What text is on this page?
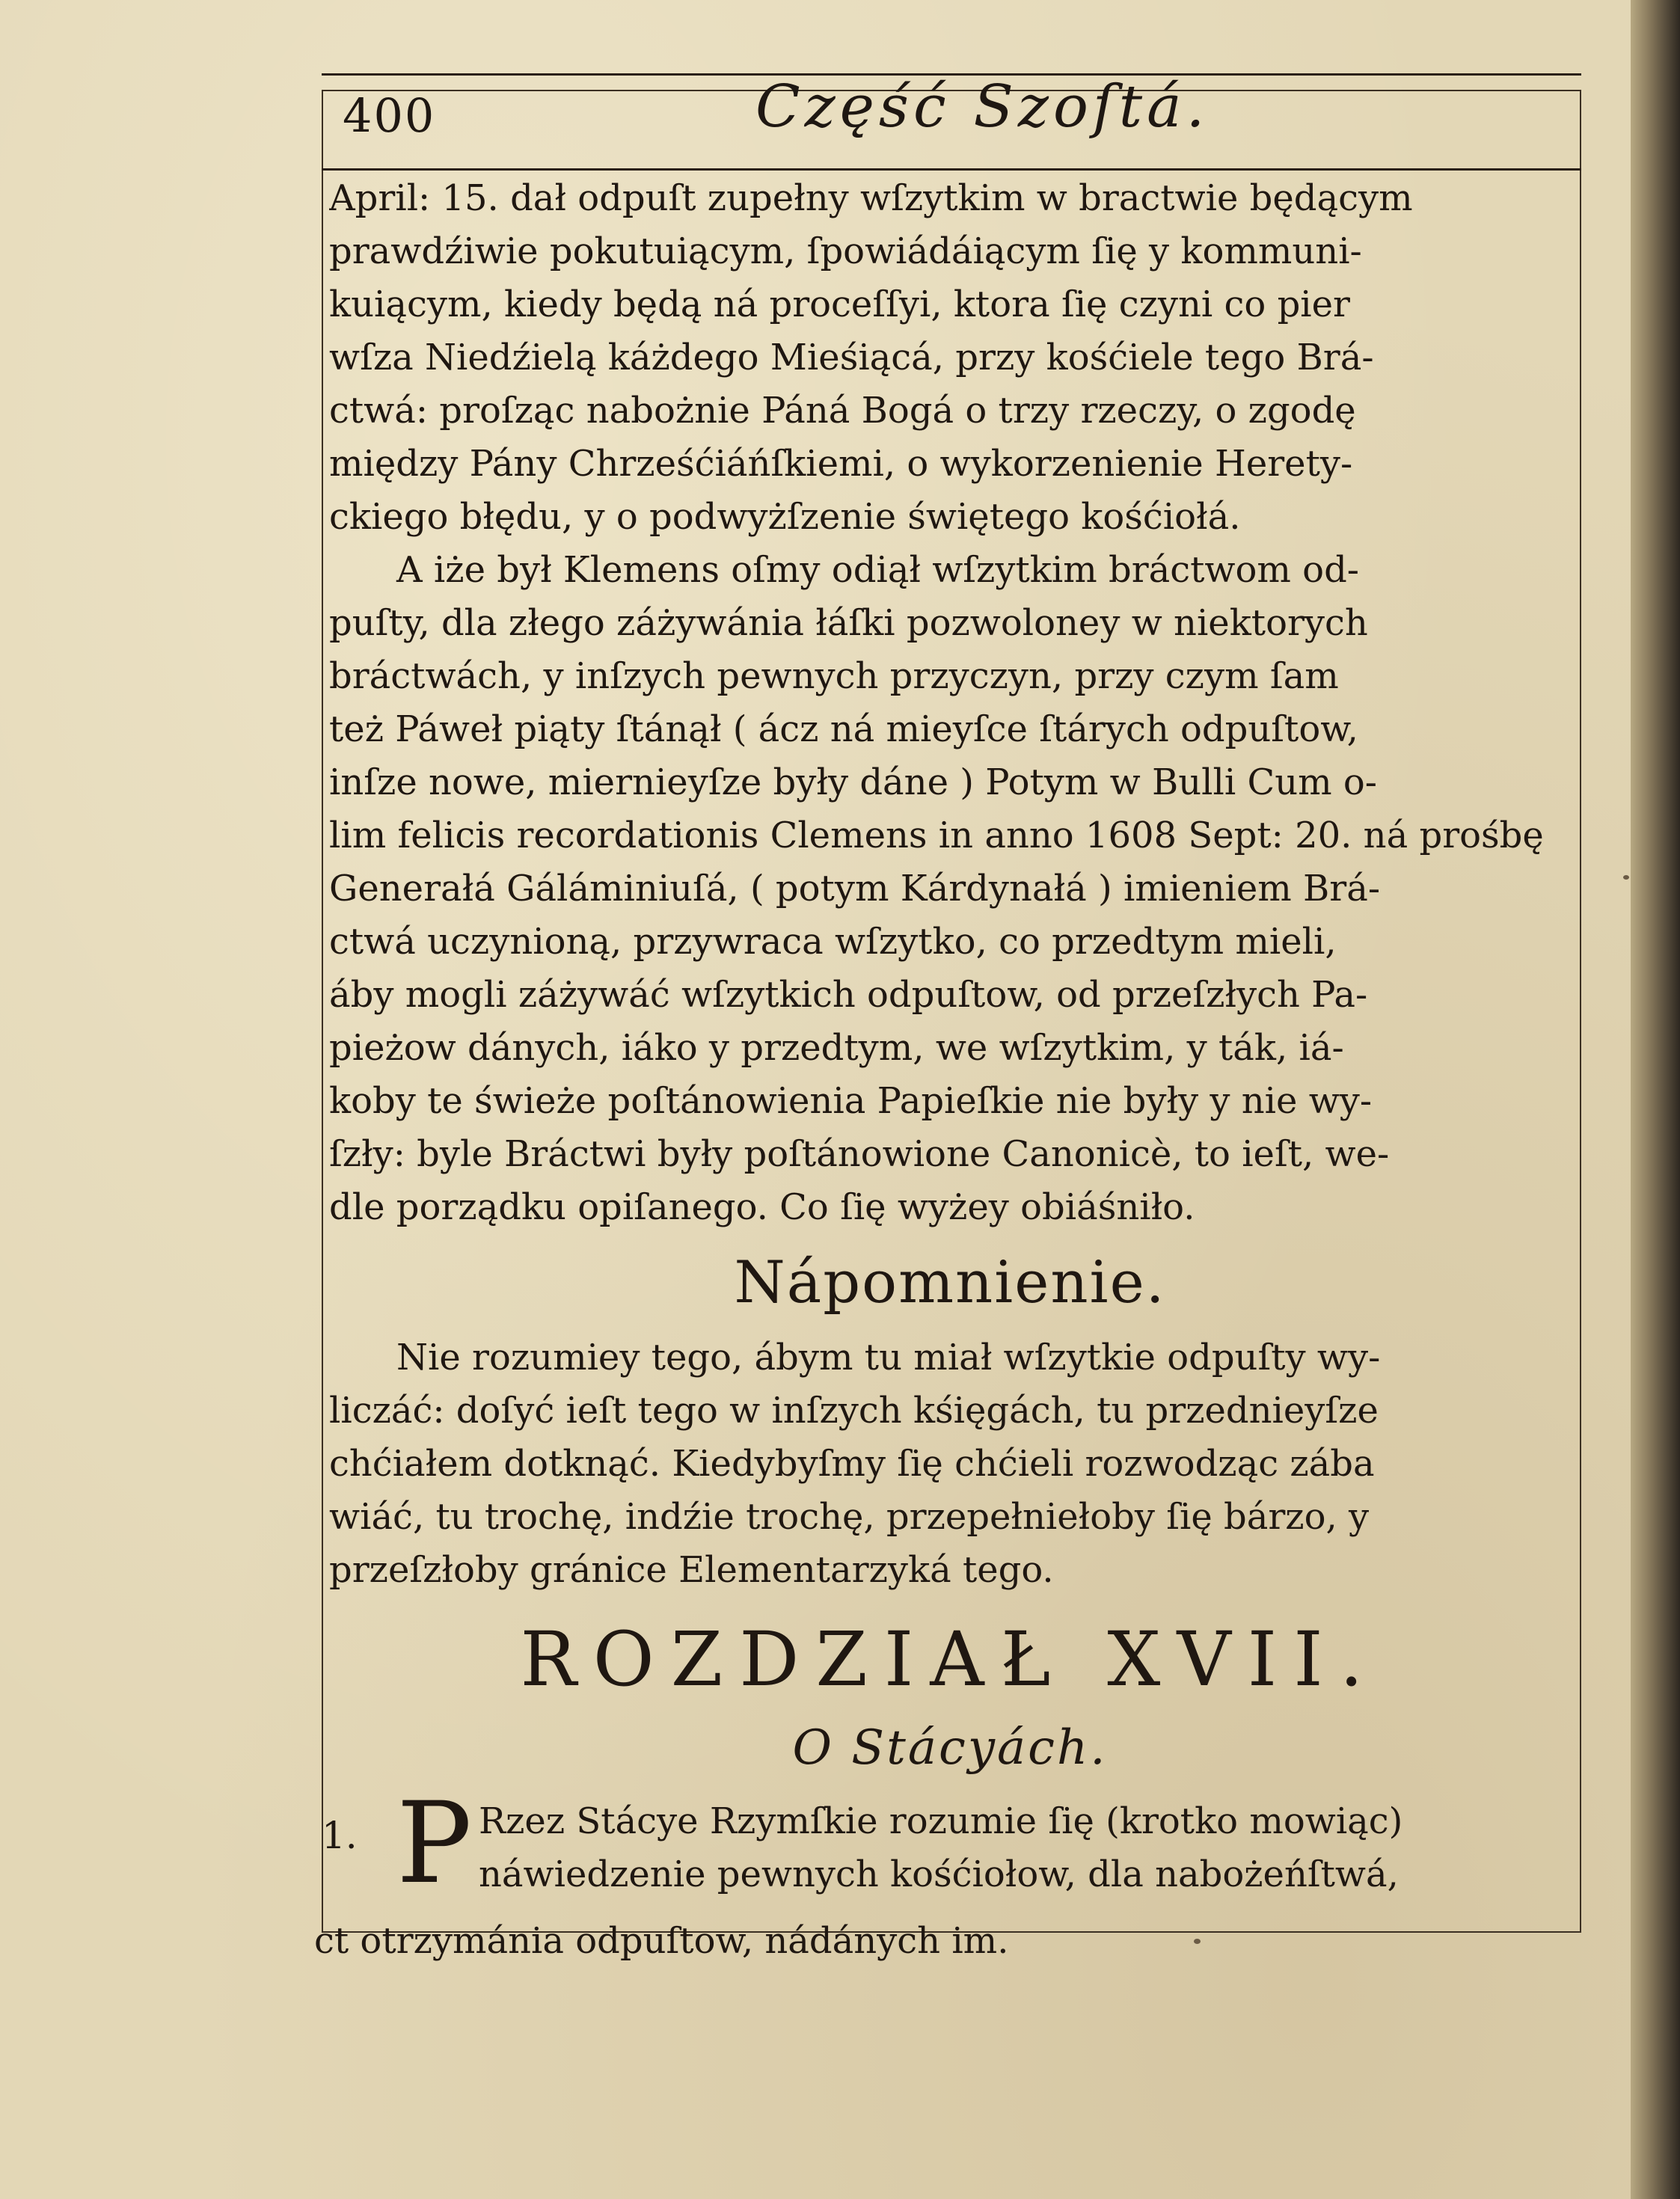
400	Część Szoſtá.
April: 15. dał odpuſt zupełny wſzytkim w bractwie będącym
prawdźiwie pokutuiącym, ſpowiádáiącym ſię y kommuni-
kuiącym, kiedy będą ná proceſſyi, ktora ſię czyni co pier
wſza Niedźielą káżdego Mieśiącá, przy kośćiele tego Brá-
ctwá: proſząc nabożnie Páná Bogá o trzy rzeczy, o zgodę
między Pány Chrześćiáńſkiemi, o wykorzenienie Herety-
ckiego błędu, y o podwyżſzenie świętego kośćiołá.
A iże był Klemens oſmy odiął wſzytkim bráctwom od-
puſty, dla złego záżywánia łáſki pozwoloney w niektorych
bráctwách, y inſzych pewnych przyczyn, przy czym ſam
też Páweł piąty ſtánął ( ácz ná mieyſce ſtárych odpuſtow,
inſze nowe, miernieyſze były dáne ) Potym w Bulli Cum o-
lim felicis recordationis Clemens in anno 1608 Sept: 20. ná prośbę
Generałá Gáláminiuſá, ( potym Kárdynałá ) imieniem Brá-
ctwá uczynioną, przywraca wſzytko, co przedtym mieli,
áby mogli záżywáć wſzytkich odpuſtow, od przeſzłych Pa-
pieżow dánych, iáko y przedtym, we wſzytkim, y ták, iá-
koby te świeże poſtánowienia Papieſkie nie były y nie wy-
ſzły: byle Bráctwi były poſtánowione Canonicè, to ieſt, we-
dle porządku opiſanego. Co ſię wyżey obiáśniło.
Nápomnienie.
Nie rozumiey tego, ábym tu miał wſzytkie odpuſty wy-
liczáć: doſyć ieſt tego w inſzych kśięgách, tu przednieyſze
chćiałem dotknąć. Kiedybyſmy ſię chćieli rozwodząc zába
wiáć, tu trochę, indźie trochę, przepełniełoby ſię bárzo, y
przeſzłoby gránice Elementarzyká tego.
ROZDZIAŁ XVII.
O Stácyách.
1. P Rzez Stácye Rzymſkie rozumie ſię (krotko mowiąc)
náwiedzenie pewnych kośćiołow, dla nabożeńſtwá,
ct otrzymánia odpuſtow, nádánych im.
